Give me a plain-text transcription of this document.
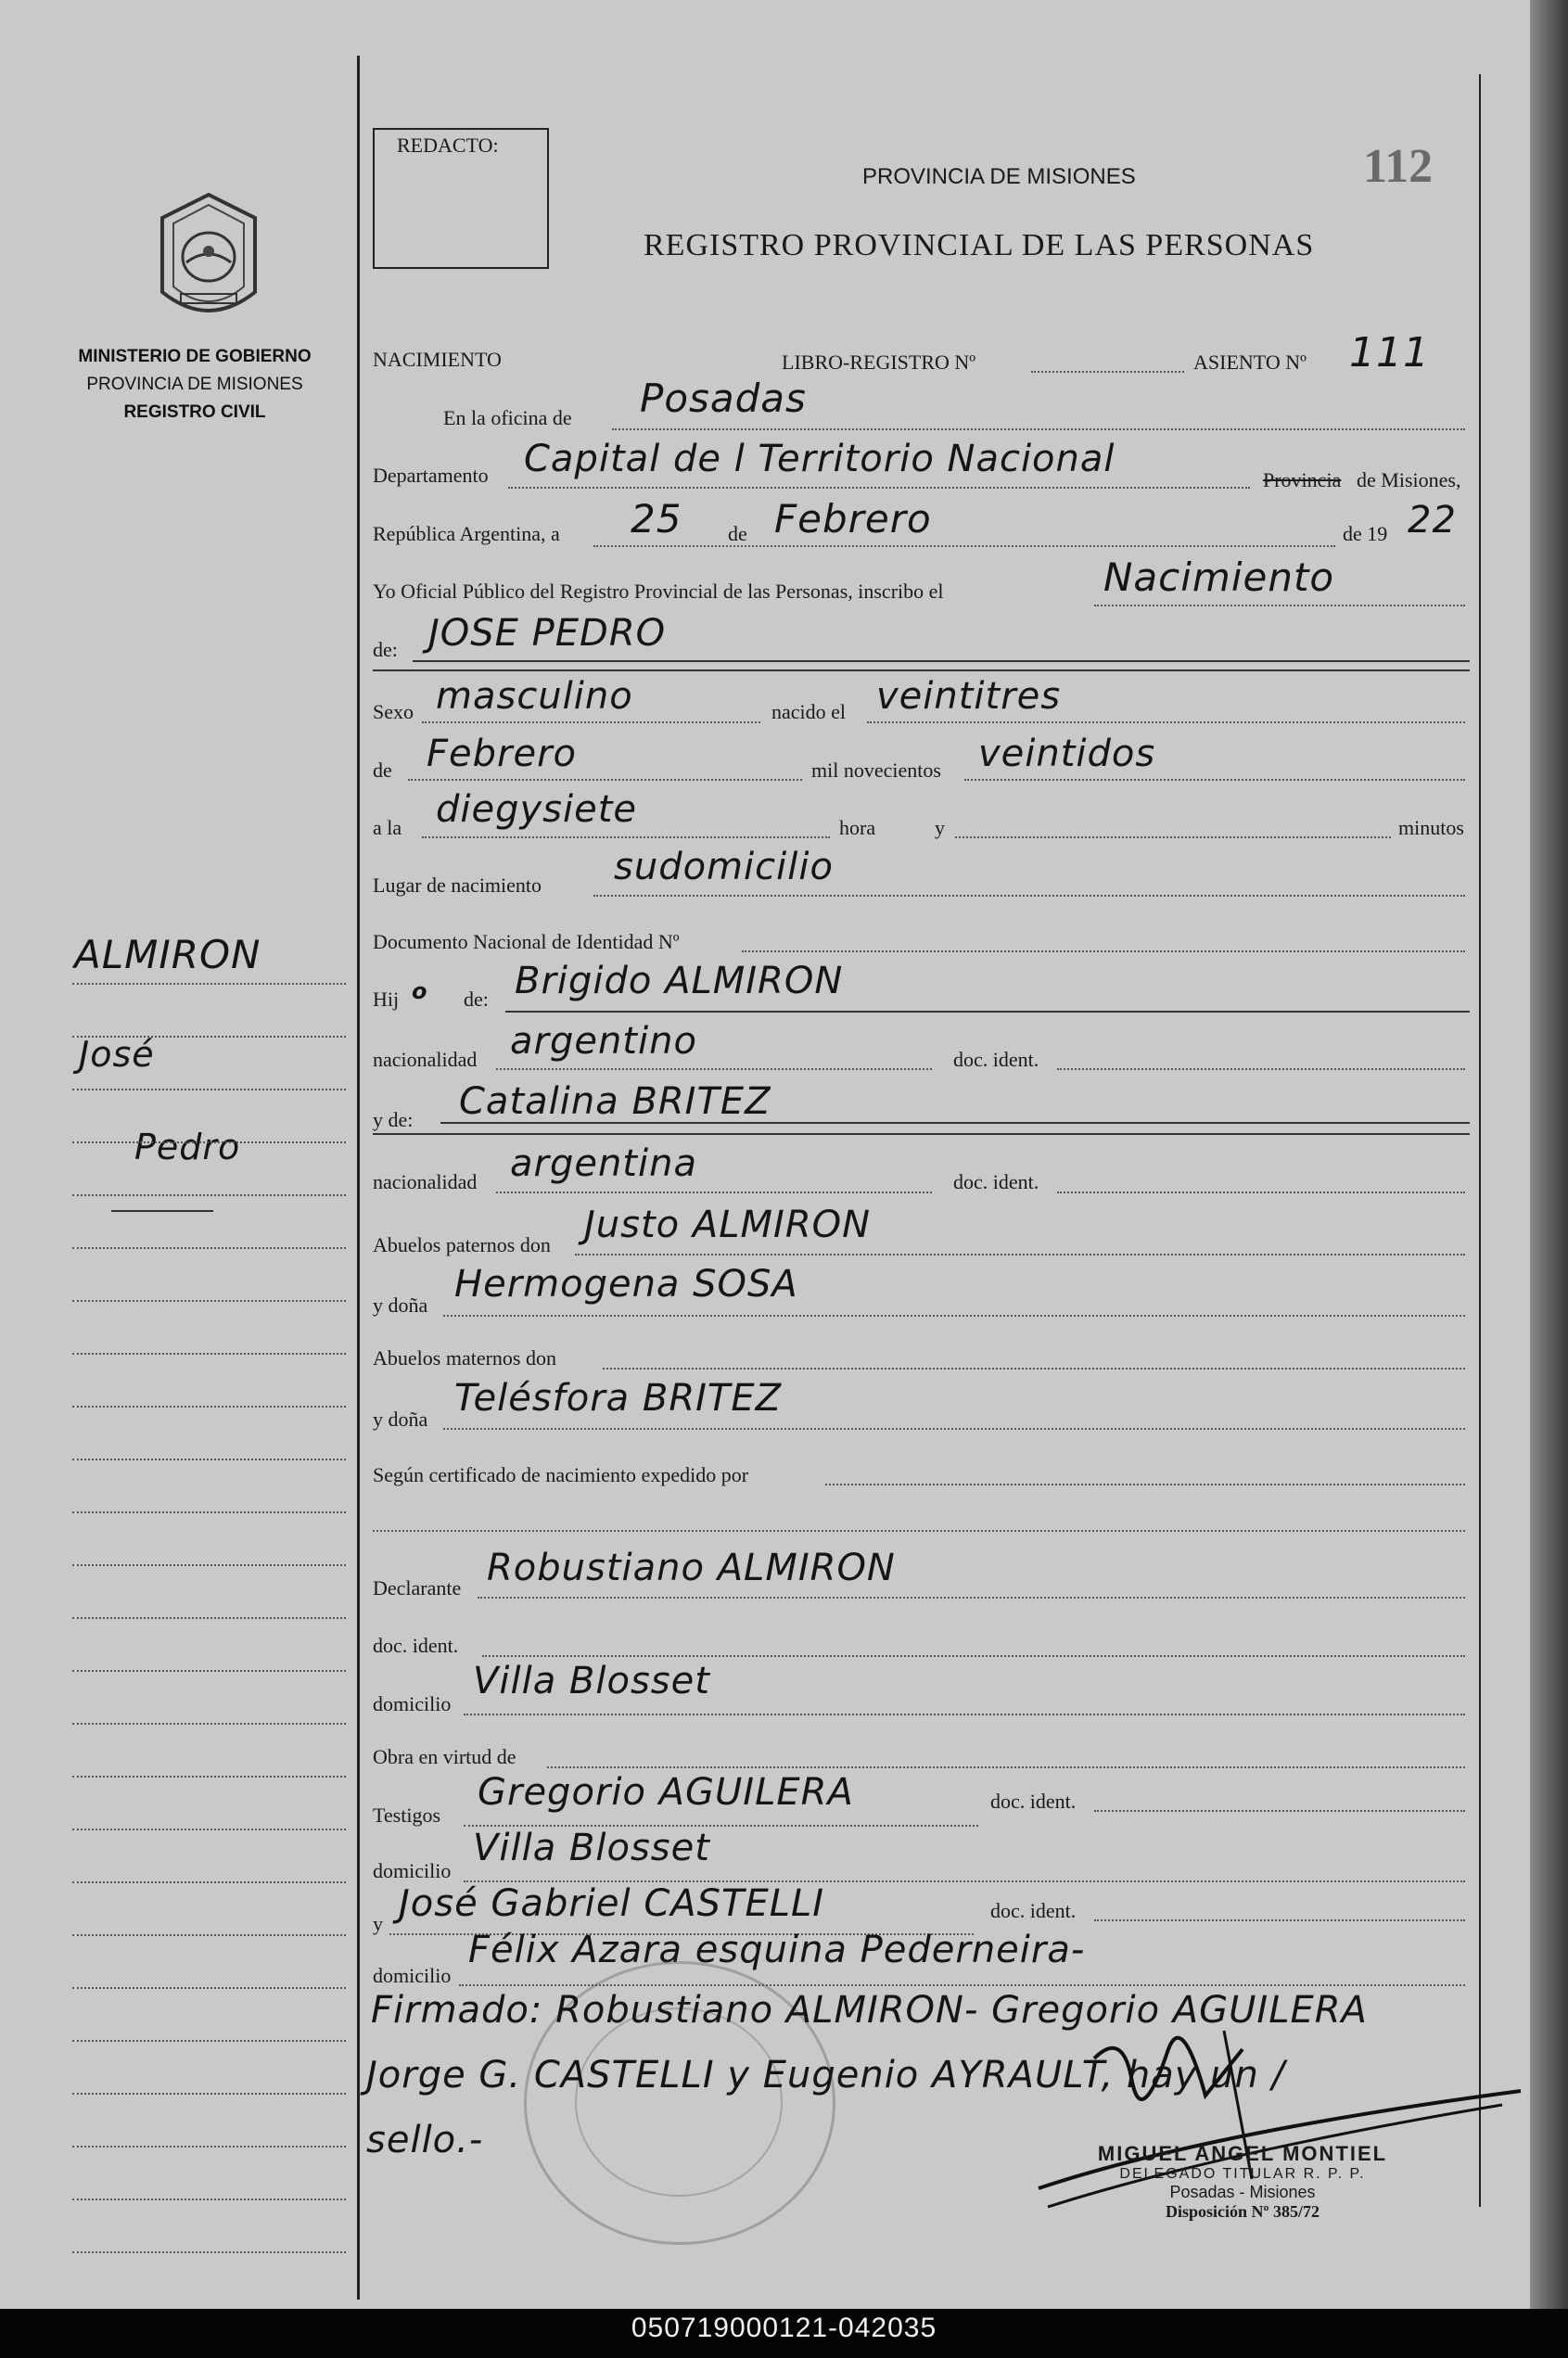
REDACTO:
PROVINCIA DE MISIONES
REGISTRO PROVINCIAL DE LAS PERSONAS
112
MINISTERIO DE GOBIERNO
PROVINCIA DE MISIONES
REGISTRO CIVIL
ALMIRON
José
Pedro
NACIMIENTO	LIBRO-REGISTRO Nº	ASIENTO Nº 111
En la oficina de Posadas
Departamento Capital de l Territorio Nacional	Provincia de Misiones,
República Argentina, a 25 de Febrero	de 19 22
Yo Oficial Público del Registro Provincial de las Personas, inscribo el	Nacimiento
de: JOSE PEDRO
Sexo masculino	nacido el veintitres
de Febrero	mil novecientos veintidos
a la diegysiete	hora	y	minutos
Lugar de nacimiento sudomicilio
Documento Nacional de Identidad Nº
Hij o de: Brigido ALMIRON
nacionalidad argentino	doc. ident.
y de: Catalina BRITEZ
nacionalidad argentina	doc. ident.
Abuelos paternos don Justo ALMIRON
y doña Hermogena SOSA
Abuelos maternos don
y doña Telésfora BRITEZ
Según certificado de nacimiento expedido por
Declarante Robustiano ALMIRON
doc. ident.
domicilio
Villa Blosset
Obra en virtud de
Testigos
Gregorio AGUILERA	doc. ident.
domicilio
Villa Blosset
y José Gabriel CASTELLI	doc. ident.
domicilio
Félix Azara esquina Pederneira-
Firmado: Robustiano ALMIRON- Gregorio AGUILERA
Jorge G. CASTELLI y Eugenio AYRAULT, hay un /
sello.-	MIGUEL ANGEL MONTIEL
DELEGADO TITULAR R. P. P.
Posadas - Misiones
Disposición Nº 385/72
050719000121-042035
